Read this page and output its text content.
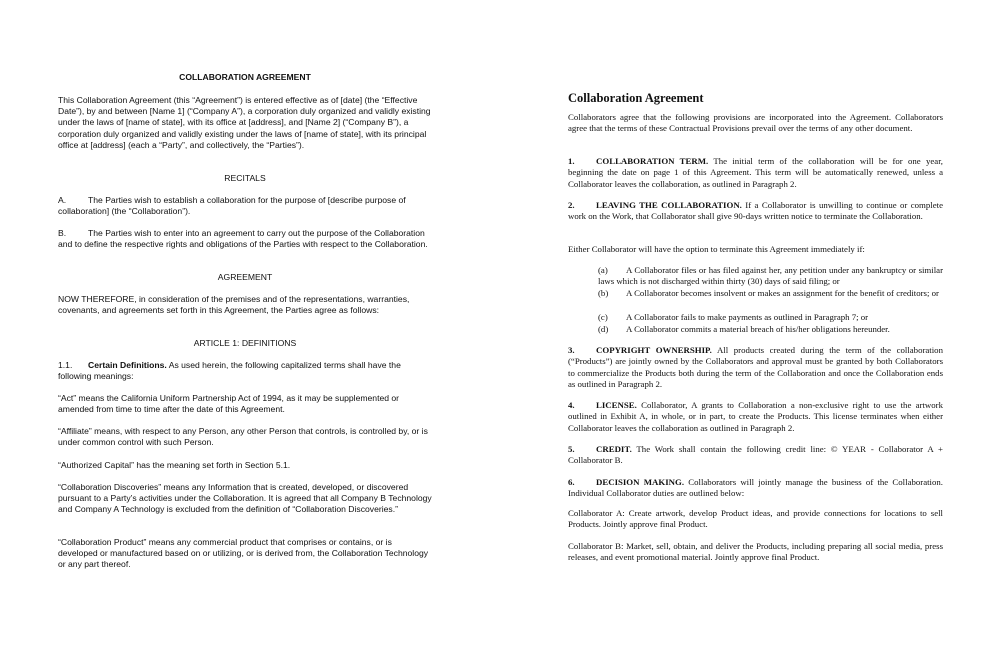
COLLABORATION AGREEMENT

This Collaboration Agreement (this “Agreement”) is entered effective as of [date] (the “Effective Date”), by and between [Name 1] (“Company A”), a corporation duly organized and validly existing under the laws of [name of state], with its office at [address], and [Name 2] (“Company B”), a corporation duly organized and validly existing under the laws of [name of state], with its principal office at [address] (each a “Party”, and collectively, the “Parties”).

RECITALS

A.	The Parties wish to establish a collaboration for the purpose of [describe purpose of collaboration] (the “Collaboration”).

B.	The Parties wish to enter into an agreement to carry out the purpose of the Collaboration and to define the respective rights and obligations of the Parties with respect to the Collaboration.

AGREEMENT

NOW THEREFORE, in consideration of the premises and of the representations, warranties, covenants, and agreements set forth in this Agreement, the Parties agree as follows:

ARTICLE 1: DEFINITIONS

1.1. Certain Definitions. As used herein, the following capitalized terms shall have the following meanings:

“Act” means the California Uniform Partnership Act of 1994, as it may be supplemented or amended from time to time after the date of this Agreement.

“Affiliate” means, with respect to any Person, any other Person that controls, is controlled by, or is under common control with such Person.

“Authorized Capital” has the meaning set forth in Section 5.1.

“Collaboration Discoveries” means any Information that is created, developed, or discovered pursuant to a Party’s activities under the Collaboration. It is agreed that all Company B Technology and Company A Technology is excluded from the definition of “Collaboration Discoveries.”

“Collaboration Product” means any commercial product that comprises or contains, or is developed or manufactured based on or utilizing, or is derived from, the Collaboration Technology or any part thereof.

Collaboration Agreement

Collaborators agree that the following provisions are incorporated into the Agreement. Collaborators agree that the terms of these Contractual Provisions prevail over the terms of any other document.

1. COLLABORATION TERM. The initial term of the collaboration will be for one year, beginning the date on page 1 of this Agreement. This term will be automatically renewed, unless a Collaborator leaves the collaboration, as outlined in Paragraph 2.

2. LEAVING THE COLLABORATION. If a Collaborator is unwilling to continue or complete work on the Work, that Collaborator shall give 90-days written notice to terminate the Collaboration.

Either Collaborator will have the option to terminate this Agreement immediately if:

(a) A Collaborator files or has filed against her, any petition under any bankruptcy or similar laws which is not discharged within thirty (30) days of said filing; or

(b) A Collaborator becomes insolvent or makes an assignment for the benefit of creditors; or

(c) A Collaborator fails to make payments as outlined in Paragraph 7; or

(d) A Collaborator commits a material breach of his/her obligations hereunder.

3. COPYRIGHT OWNERSHIP. All products created during the term of the collaboration (“Products”) are jointly owned by the Collaborators and approval must be granted by both Collaborators to commercialize the Products both during the term of the Collaboration and once the Collaboration ends as outlined in Paragraph 2.

4. LICENSE. Collaborator, A grants to Collaboration a non-exclusive right to use the artwork outlined in Exhibit A, in whole, or in part, to create the Products. This license terminates when either Collaborator leaves the collaboration as outlined in Paragraph 2.

5. CREDIT. The Work shall contain the following credit line: © YEAR - Collaborator A + Collaborator B.

6. DECISION MAKING. Collaborators will jointly manage the business of the Collaboration. Individual Collaborator duties are outlined below:

Collaborator A: Create artwork, develop Product ideas, and provide connections for locations to sell Products. Jointly approve final Product.

Collaborator B: Market, sell, obtain, and deliver the Products, including preparing all social media, press releases, and event promotional material. Jointly approve final Product.
